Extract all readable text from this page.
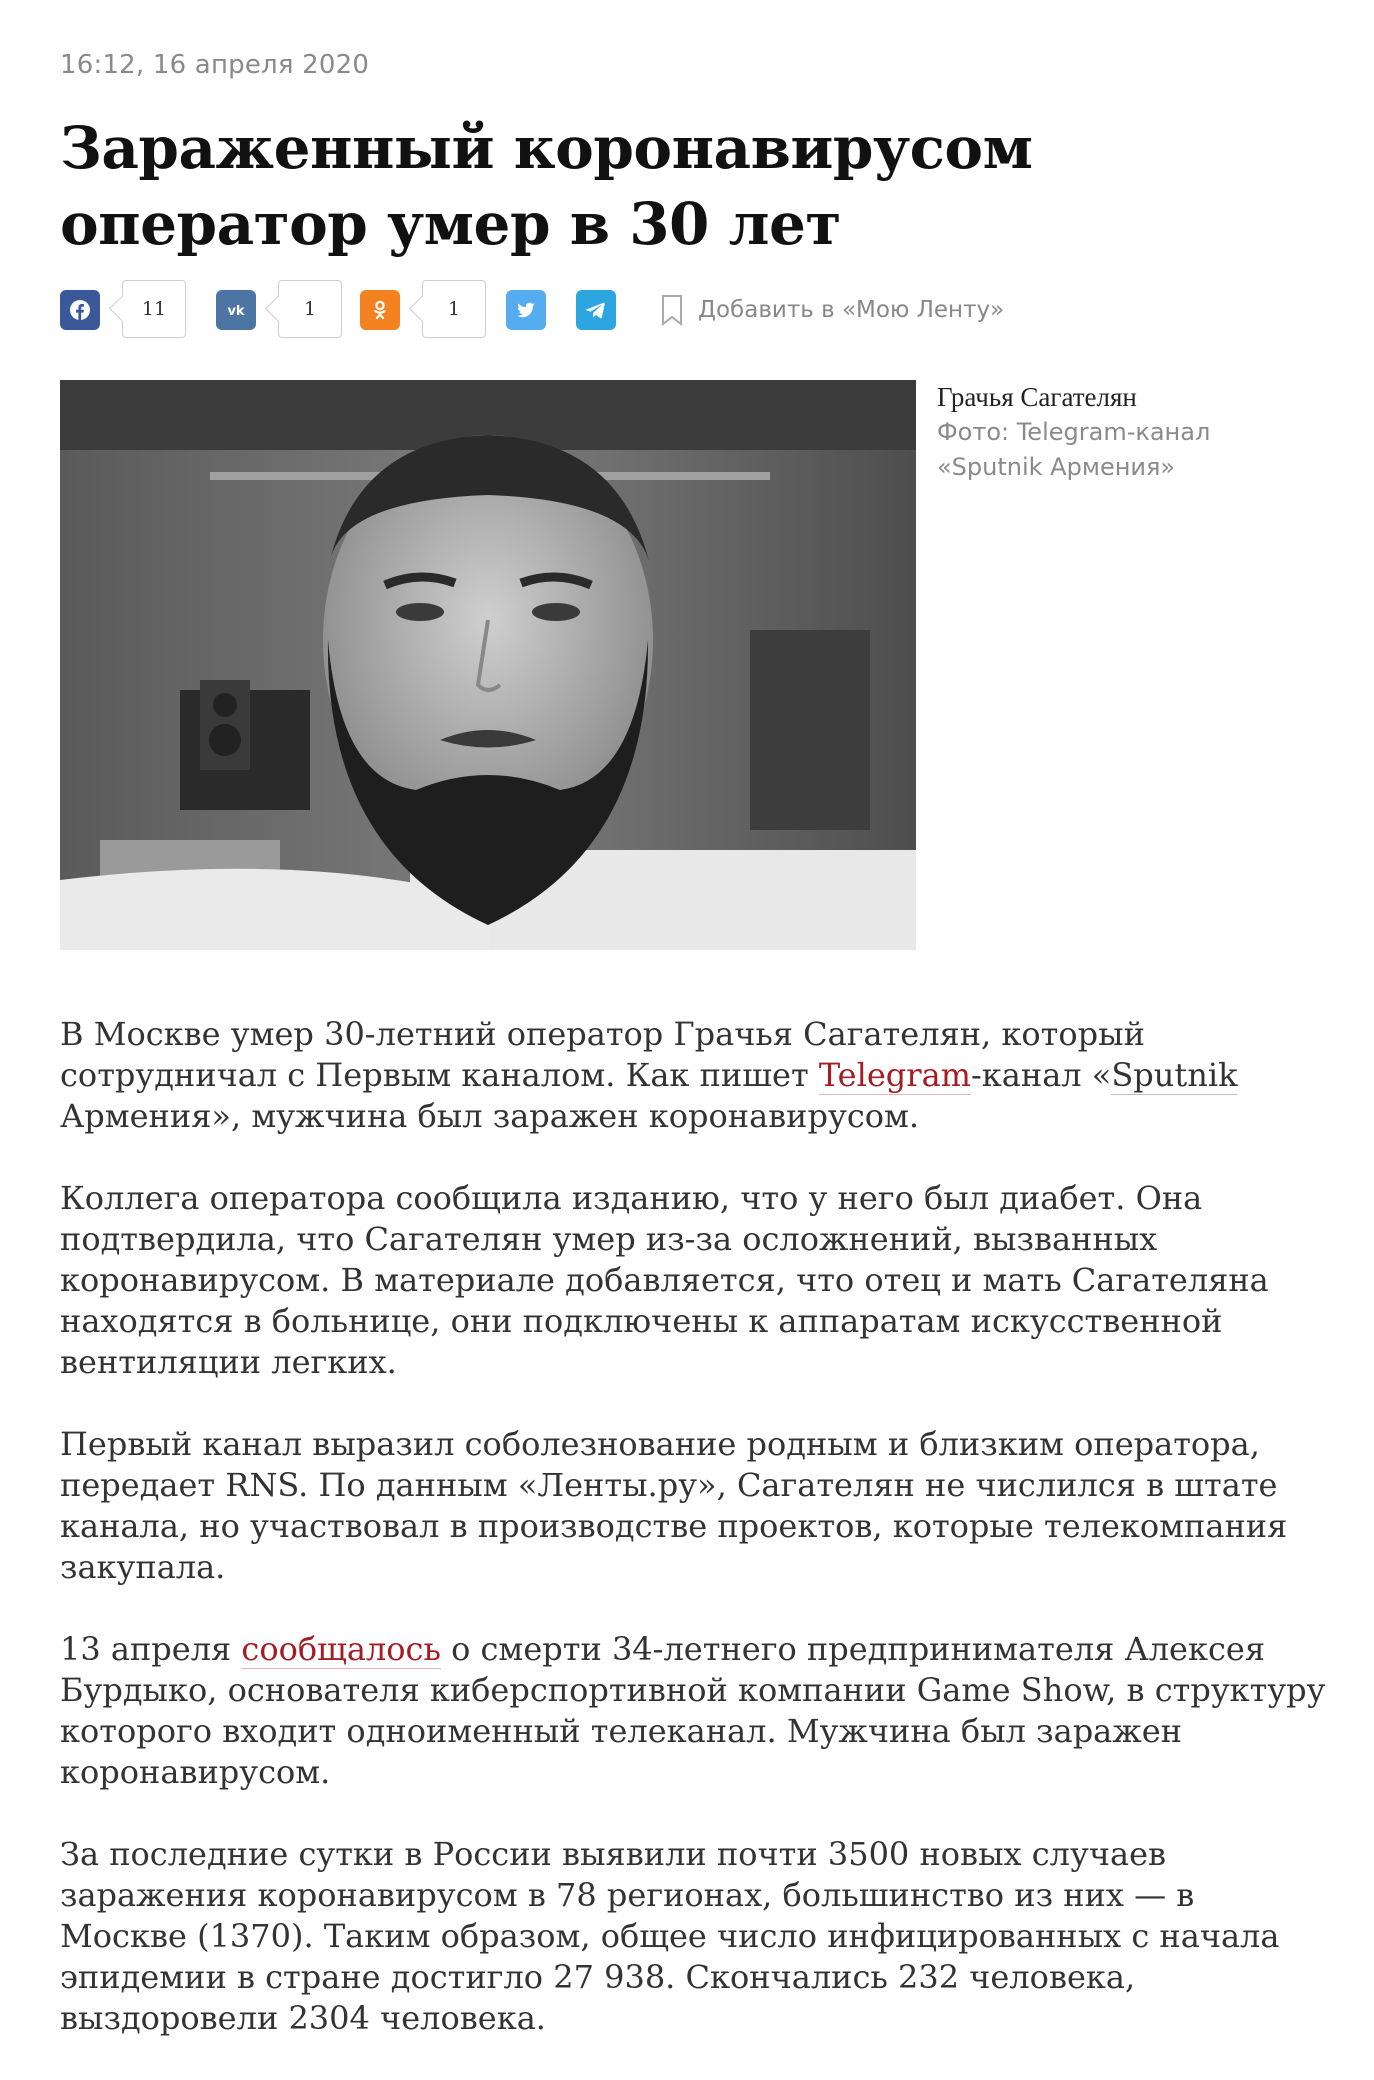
16:12, 16 апреля 2020
Зараженный коронавирусом оператор умер в 30 лет
11	vk	1	1	Добавить в «Мою Ленту»
Грачья Сагателян
Фото: Telegram-канал «Sputnik Армения»

В Москве умер 30-летний оператор Грачья Сагателян, который сотрудничал с Первым каналом. Как пишет Telegram-канал «Sputnik Армения», мужчина был заражен коронавирусом.

Коллега оператора сообщила изданию, что у него был диабет. Она подтвердила, что Сагателян умер из-за осложнений, вызванных коронавирусом. В материале добавляется, что отец и мать Сагателяна находятся в больнице, они подключены к аппаратам искусственной вентиляции легких.

Первый канал выразил соболезнование родным и близким оператора, передает RNS. По данным «Ленты.ру», Сагателян не числился в штате канала, но участвовал в производстве проектов, которые телекомпания закупала.

13 апреля сообщалось о смерти 34-летнего предпринимателя Алексея Бурдыко, основателя киберспортивной компании Game Show, в структуру которого входит одноименный телеканал. Мужчина был заражен коронавирусом.

За последние сутки в России выявили почти 3500 новых случаев заражения коронавирусом в 78 регионах, большинство из них — в Москве (1370). Таким образом, общее число инфицированных с начала эпидемии в стране достигло 27 938. Скончались 232 человека, выздоровели 2304 человека.
